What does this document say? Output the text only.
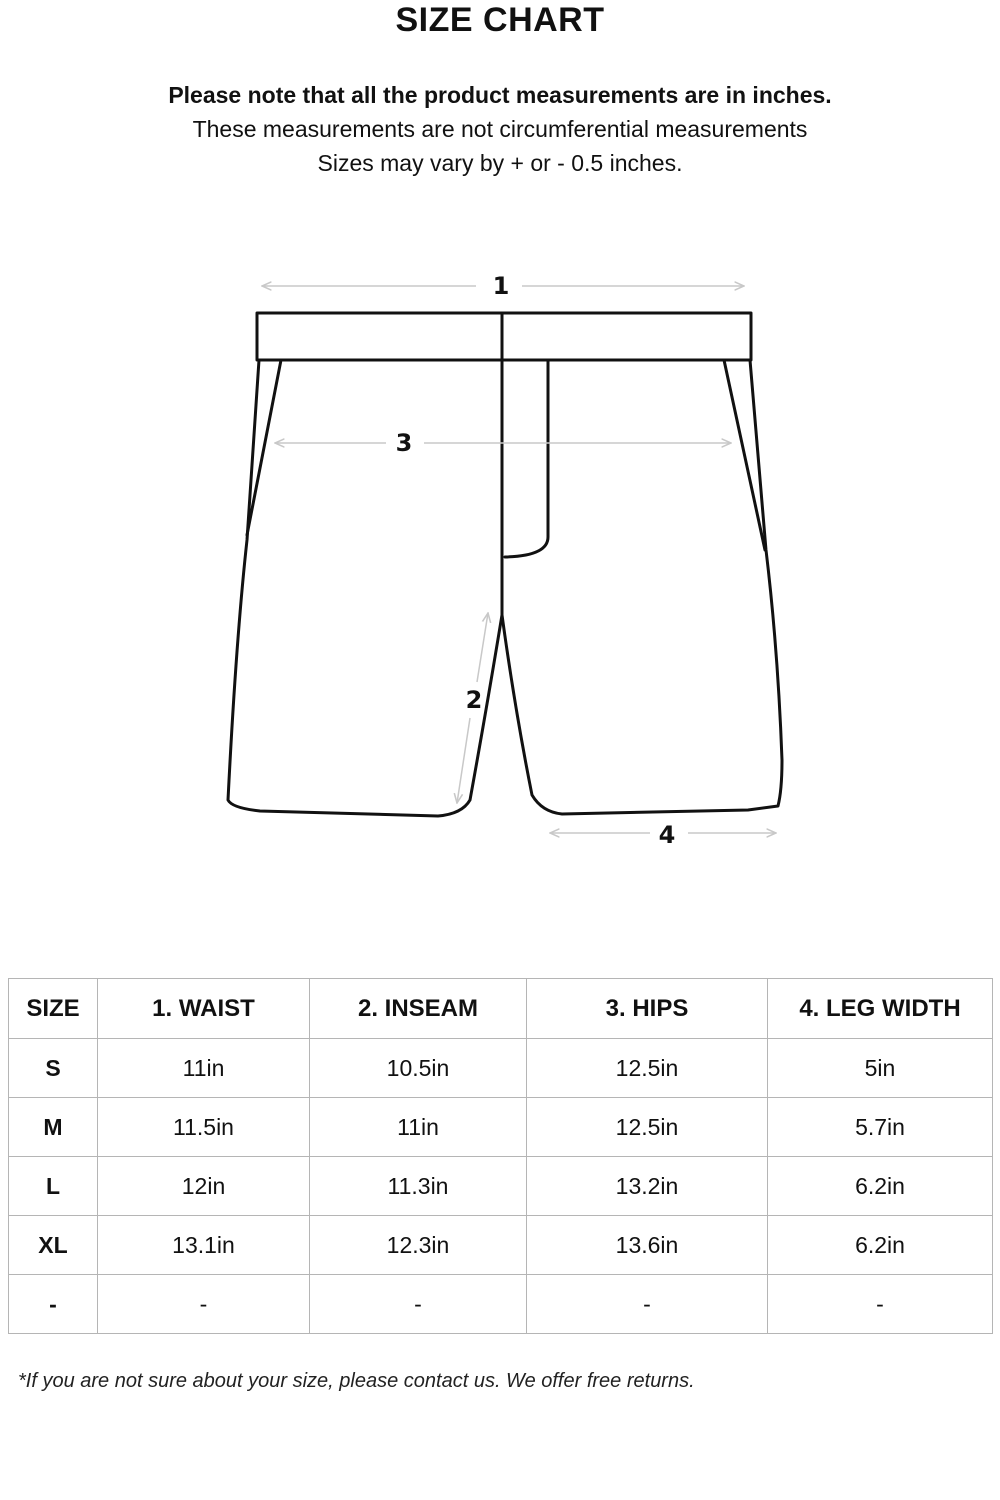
SIZE CHART
Please note that all the product measurements are in inches.
These measurements are not circumferential measurements
Sizes may vary by + or - 0.5 inches.
1
2
3
4
SIZE	1. WAIST	2. INSEAM	3. HIPS	4. LEG WIDTH
S	11in	10.5in	12.5in	5in
M	11.5in	11in	12.5in	5.7in
L	12in	11.3in	13.2in	6.2in
XL	13.1in	12.3in	13.6in	6.2in
-	-	-	-	-
*If you are not sure about your size, please contact us. We offer free returns.
